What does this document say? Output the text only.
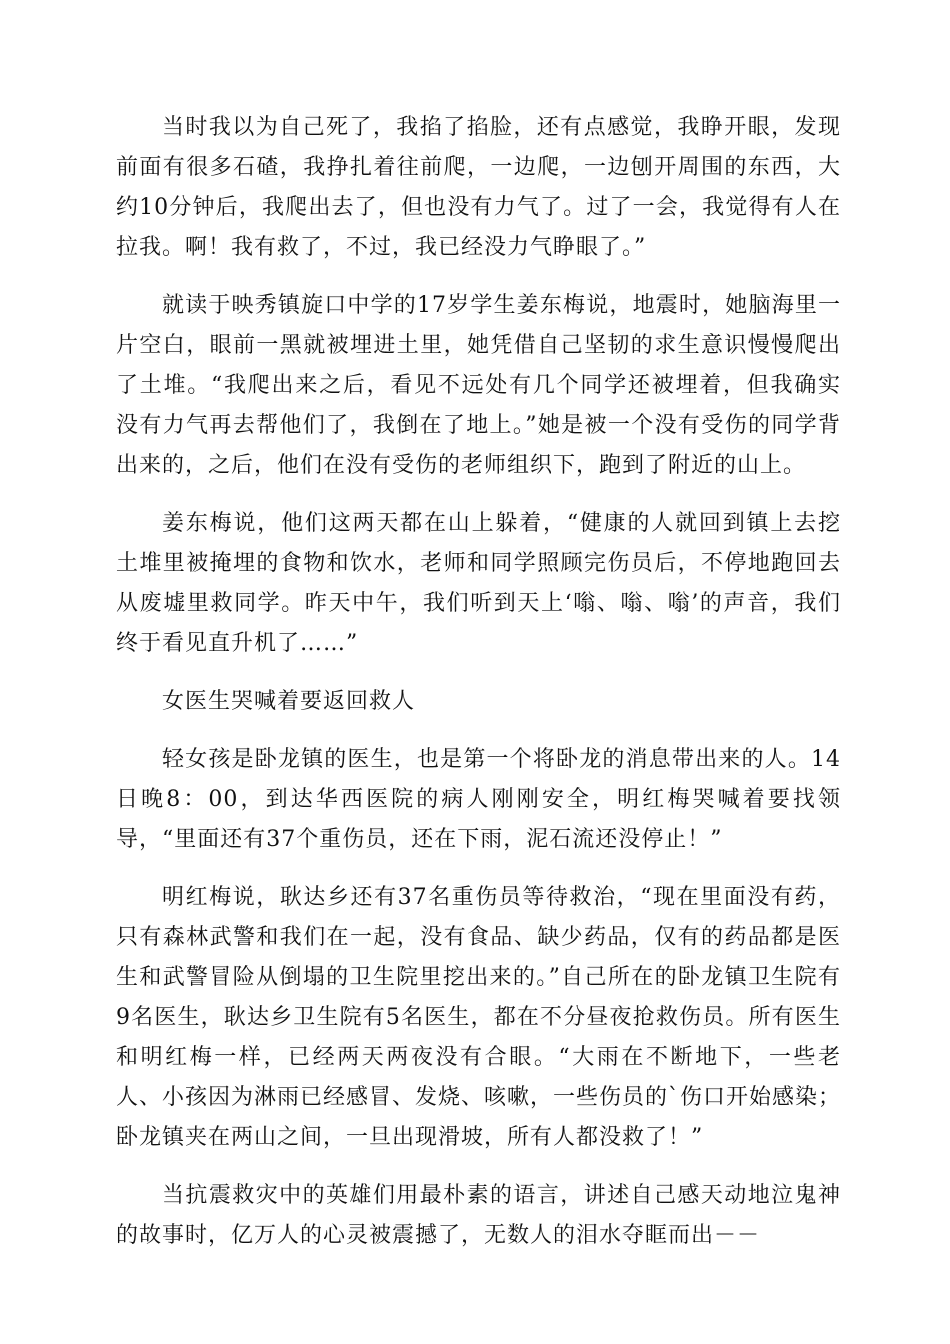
当时我以为自己死了，我掐了掐脸，还有点感觉，我睁开眼，发现前面有很多石碴，我挣扎着往前爬，一边爬，一边刨开周围的东西，大约10分钟后，我爬出去了，但也没有力气了。过了一会，我觉得有人在拉我。啊！我有救了，不过，我已经没力气睁眼了。”

就读于映秀镇旋口中学的17岁学生姜东梅说，地震时，她脑海里一片空白，眼前一黑就被埋进土里，她凭借自己坚韧的求生意识慢慢爬出了土堆。“我爬出来之后，看见不远处有几个同学还被埋着，但我确实没有力气再去帮他们了，我倒在了地上。”她是被一个没有受伤的同学背出来的，之后，他们在没有受伤的老师组织下，跑到了附近的山上。

姜东梅说，他们这两天都在山上躲着，“健康的人就回到镇上去挖土堆里被掩埋的食物和饮水，老师和同学照顾完伤员后，不停地跑回去从废墟里救同学。昨天中午，我们听到天上‘嗡、嗡、嗡’的声音，我们终于看见直升机了……”

女医生哭喊着要返回救人

轻女孩是卧龙镇的医生，也是第一个将卧龙的消息带出来的人。14日晚8：00，到达华西医院的病人刚刚安全，明红梅哭喊着要找领导，“里面还有37个重伤员，还在下雨，泥石流还没停止！”

明红梅说，耿达乡还有37名重伤员等待救治，“现在里面没有药，只有森林武警和我们在一起，没有食品、缺少药品，仅有的药品都是医生和武警冒险从倒塌的卫生院里挖出来的。”自己所在的卧龙镇卫生院有9名医生，耿达乡卫生院有5名医生，都在不分昼夜抢救伤员。所有医生和明红梅一样，已经两天两夜没有合眼。“大雨在不断地下，一些老人、小孩因为淋雨已经感冒、发烧、咳嗽，一些伤员的`伤口开始感染；卧龙镇夹在两山之间，一旦出现滑坡，所有人都没救了！”

当抗震救灾中的英雄们用最朴素的语言，讲述自己感天动地泣鬼神的故事时，亿万人的心灵被震撼了，无数人的泪水夺眶而出－－
